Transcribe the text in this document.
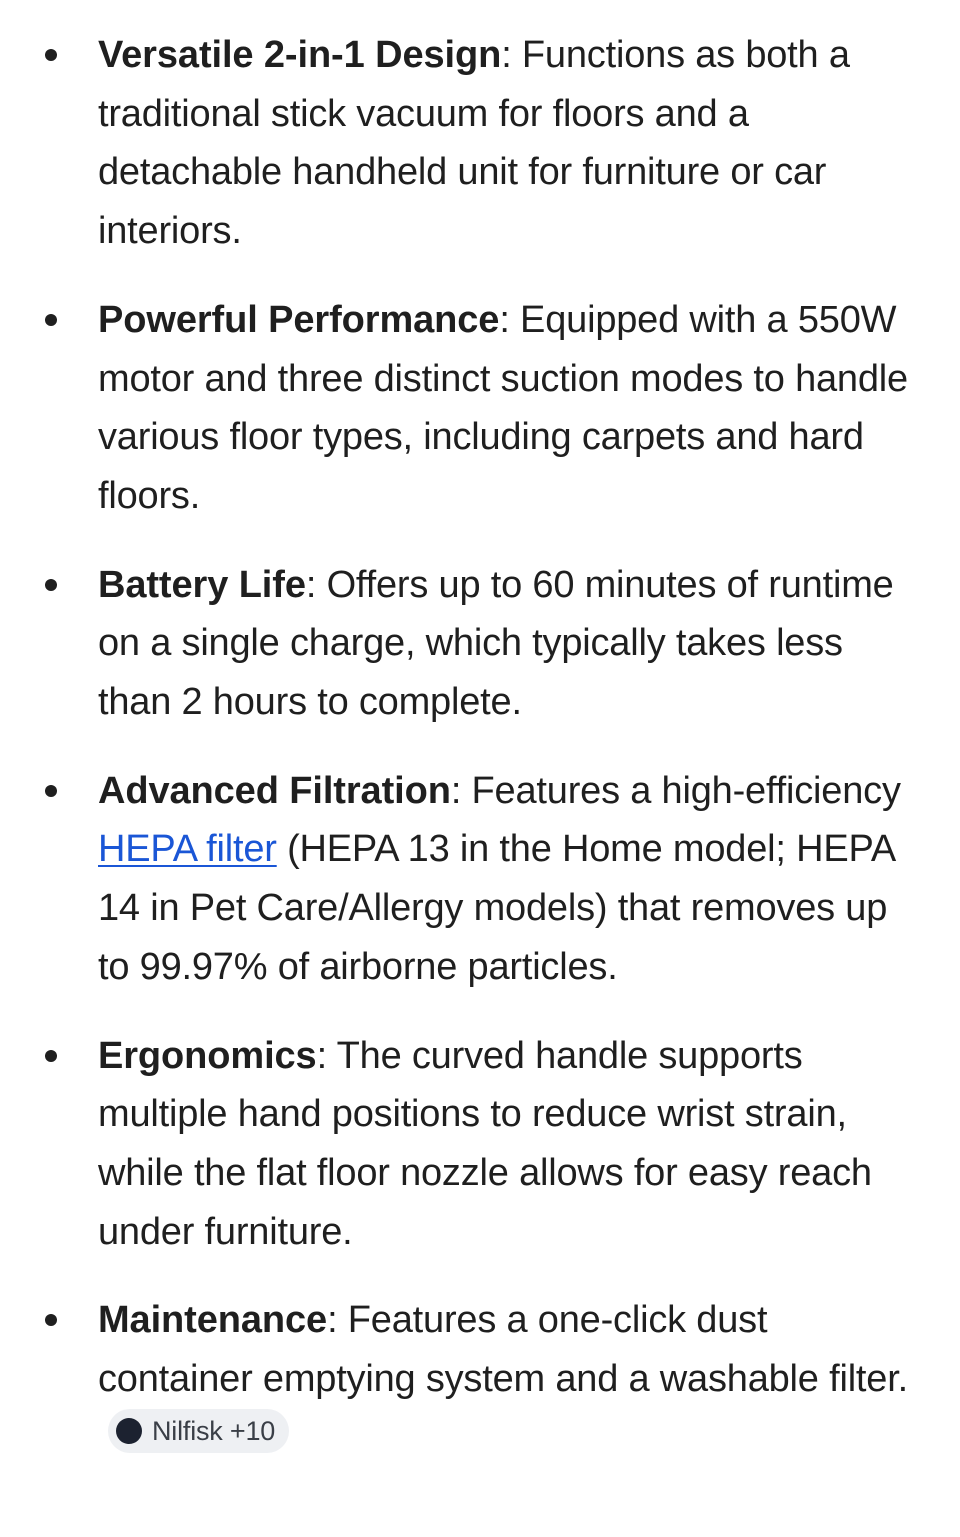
Versatile 2-in-1 Design: Functions as both a traditional stick vacuum for floors and a detachable handheld unit for furniture or car interiors.
Powerful Performance: Equipped with a 550W motor and three distinct suction modes to handle various floor types, including carpets and hard floors.
Battery Life: Offers up to 60 minutes of runtime on a single charge, which typically takes less than 2 hours to complete.
Advanced Filtration: Features a high-efficiency HEPA filter (HEPA 13 in the Home model; HEPA 14 in Pet Care/Allergy models) that removes up to 99.97% of airborne particles.
Ergonomics: The curved handle supports multiple hand positions to reduce wrist strain, while the flat floor nozzle allows for easy reach under furniture.
Maintenance: Features a one-click dust container emptying system and a washable filter.
Nilfisk +10
